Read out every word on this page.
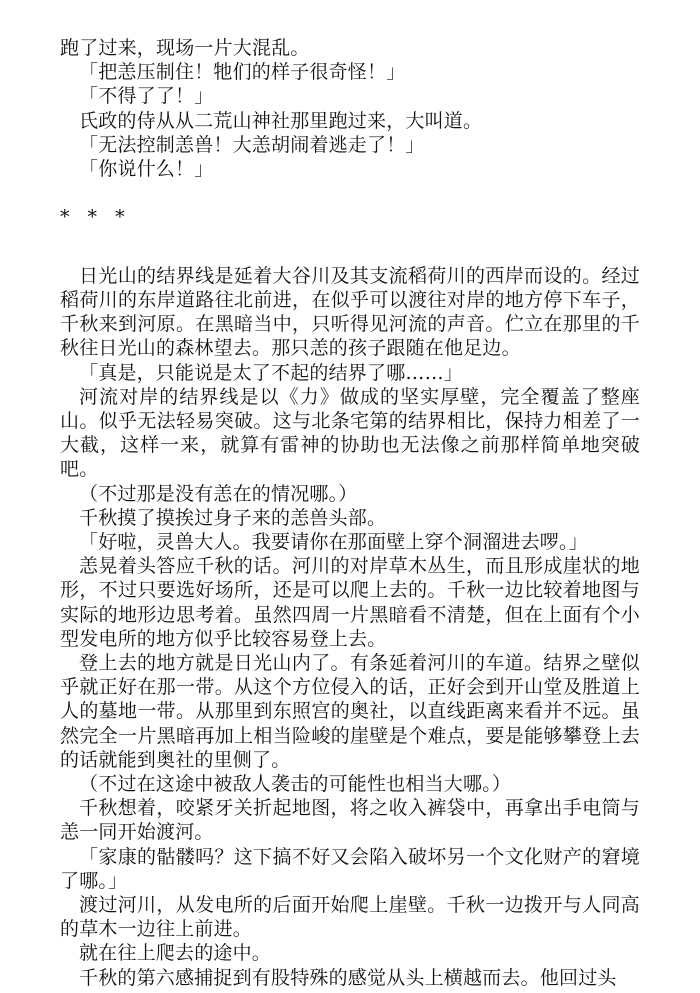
跑了过来，现场一片大混乱。

「把恙压制住！牠们的样子很奇怪！」

「不得了了！」

氏政的侍从从二荒山神社那里跑过来，大叫道。

「无法控制恙兽！大恙胡闹着逃走了！」

「你说什么！」

* * *

日光山的结界线是延着大谷川及其支流稻荷川的西岸而设的。经过稻荷川的东岸道路往北前进，在似乎可以渡往对岸的地方停下车子，千秋来到河原。在黑暗当中，只听得见河流的声音。伫立在那里的千秋往日光山的森林望去。那只恙的孩子跟随在他足边。

「真是，只能说是太了不起的结界了哪……」

河流对岸的结界线是以《力》做成的坚实厚壁，完全覆盖了整座山。似乎无法轻易突破。这与北条宅第的结界相比，保持力相差了一大截，这样一来，就算有雷神的协助也无法像之前那样简单地突破吧。

（不过那是没有恙在的情况哪。）

千秋摸了摸挨过身子来的恙兽头部。

「好啦，灵兽大人。我要请你在那面壁上穿个洞溜进去啰。」

恙晃着头答应千秋的话。河川的对岸草木丛生，而且形成崖状的地形，不过只要选好场所，还是可以爬上去的。千秋一边比较着地图与实际的地形边思考着。虽然四周一片黑暗看不清楚，但在上面有个小型发电所的地方似乎比较容易登上去。

登上去的地方就是日光山内了。有条延着河川的车道。结界之壁似乎就正好在那一带。从这个方位侵入的话，正好会到开山堂及胜道上人的墓地一带。从那里到东照宫的奥社，以直线距离来看并不远。虽然完全一片黑暗再加上相当险峻的崖壁是个难点，要是能够攀登上去的话就能到奥社的里侧了。

（不过在这途中被敌人袭击的可能性也相当大哪。）

千秋想着，咬紧牙关折起地图，将之收入裤袋中，再拿出手电筒与恙一同开始渡河。

「家康的骷髅吗？这下搞不好又会陷入破坏另一个文化财产的窘境了哪。」

渡过河川，从发电所的后面开始爬上崖壁。千秋一边拨开与人同高的草木一边往上前进。

就在往上爬去的途中。

千秋的第六感捕捉到有股特殊的感觉从头上横越而去。他回过头
